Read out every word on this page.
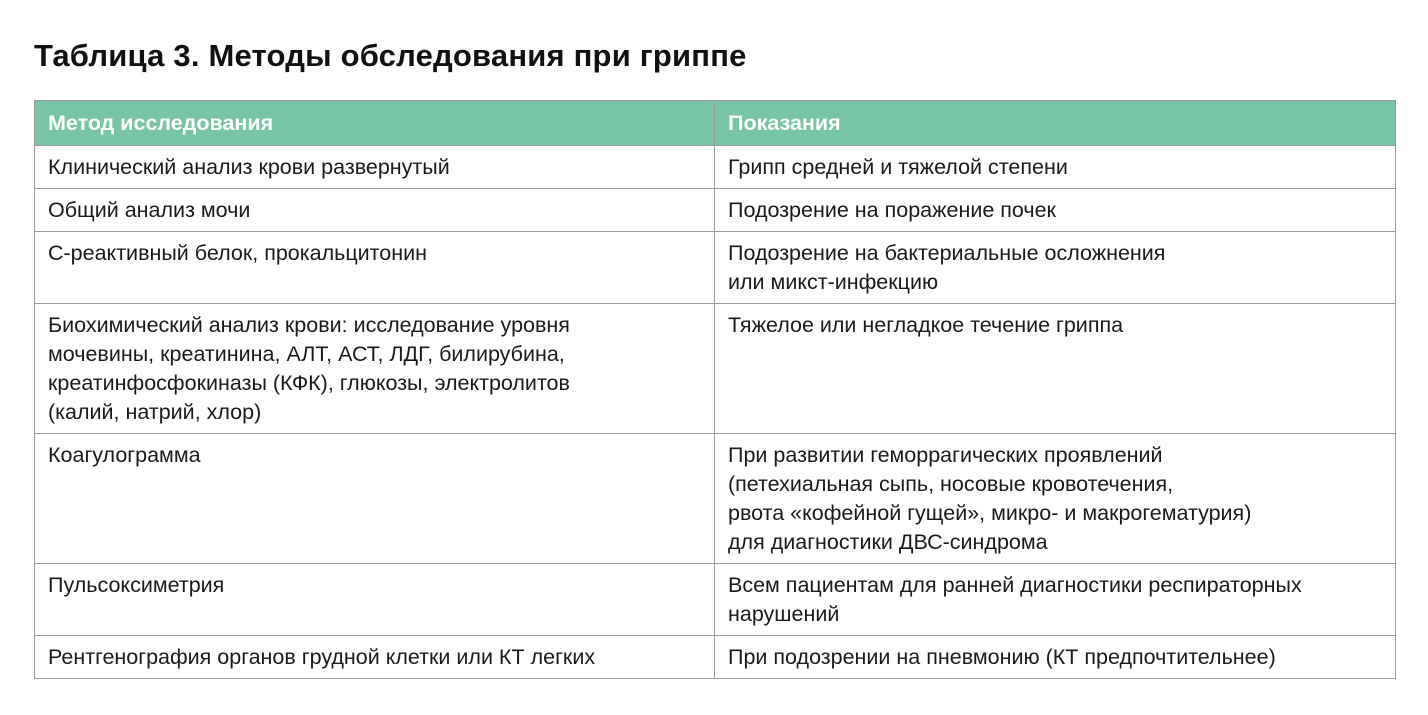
Таблица 3. Методы обследования при гриппе
Метод исследования	Показания

Клинический анализ крови развернутый	Грипп средней и тяжелой степени

Общий анализ мочи	Подозрение на поражение почек

С-реактивный белок, прокальцитонин	Подозрение на бактериальные осложнения
или микст-инфекцию

Биохимический анализ крови: исследование уровня
мочевины, креатинина, АЛТ, АСТ, ЛДГ, билирубина,
креатинфосфокиназы (КФК), глюкозы, электролитов
(калий, натрий, хлор)	Тяжелое или негладкое течение гриппа

Коагулограмма	При развитии геморрагических проявлений
(петехиальная сыпь, носовые кровотечения,
рвота «кофейной гущей», микро- и макрогематурия)
для диагностики ДВС-синдрома

Пульсоксиметрия	Всем пациентам для ранней диагностики респираторных
нарушений

Рентгенография органов грудной клетки или КТ легких	При подозрении на пневмонию (КТ предпочтительнее)
